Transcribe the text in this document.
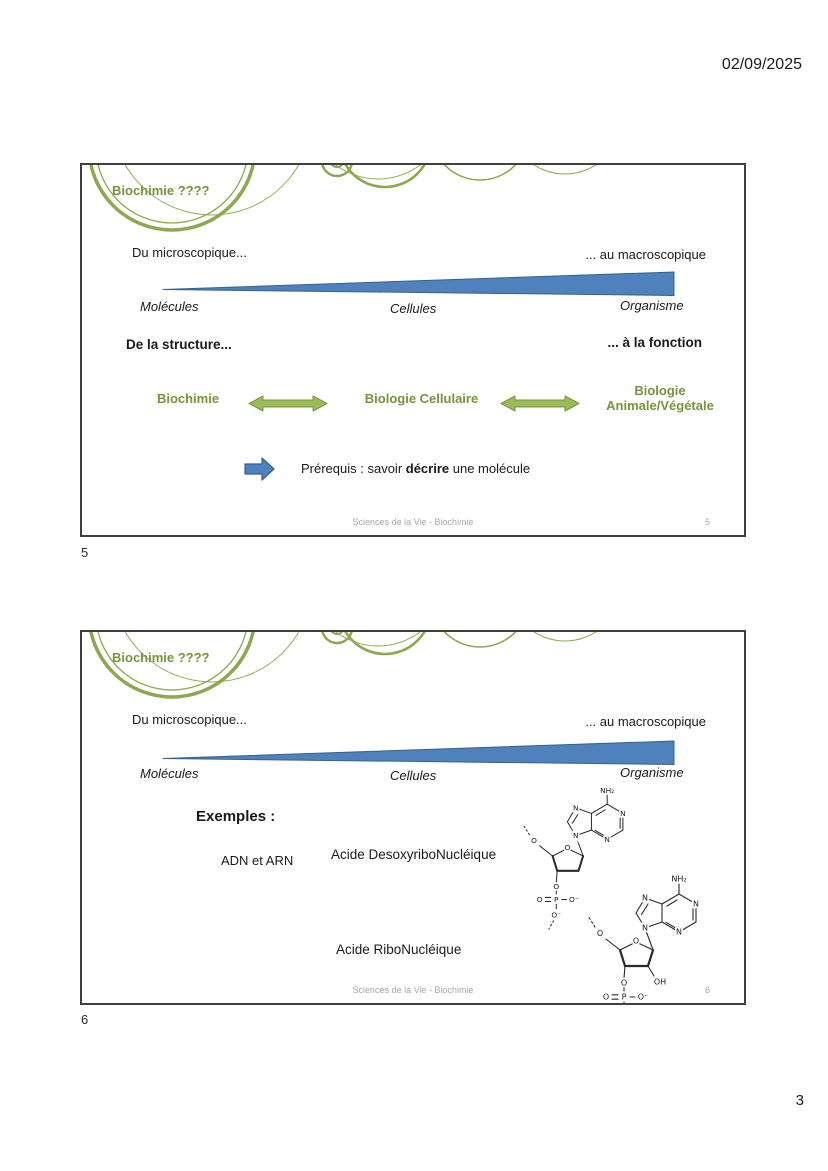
02/09/2025
Biochimie ????
Du microscopique...	... au macroscopique
Molécules	Cellules	Organisme
De la structure...	... à la fonction
Biochimie	Biologie Cellulaire
Biologie Animale/Végétale
Prérequis : savoir décrire une molécule
Sciences de la Vie - Biochimie	5
5
Biochimie ????
Du microscopique...	... au macroscopique
Molécules	Cellules	Organisme
Exemples :
ADN et ARN	Acide DesoxyriboNucléique
Acide RiboNucléique
NH₂
N
N
N
N
O
O
O
P
O	O⁻
O⁻
NH₂
N
N
N
N
O
O
OH
O
P
O	O⁻
O⁻
Sciences de la Vie - Biochimie	6
6
3
